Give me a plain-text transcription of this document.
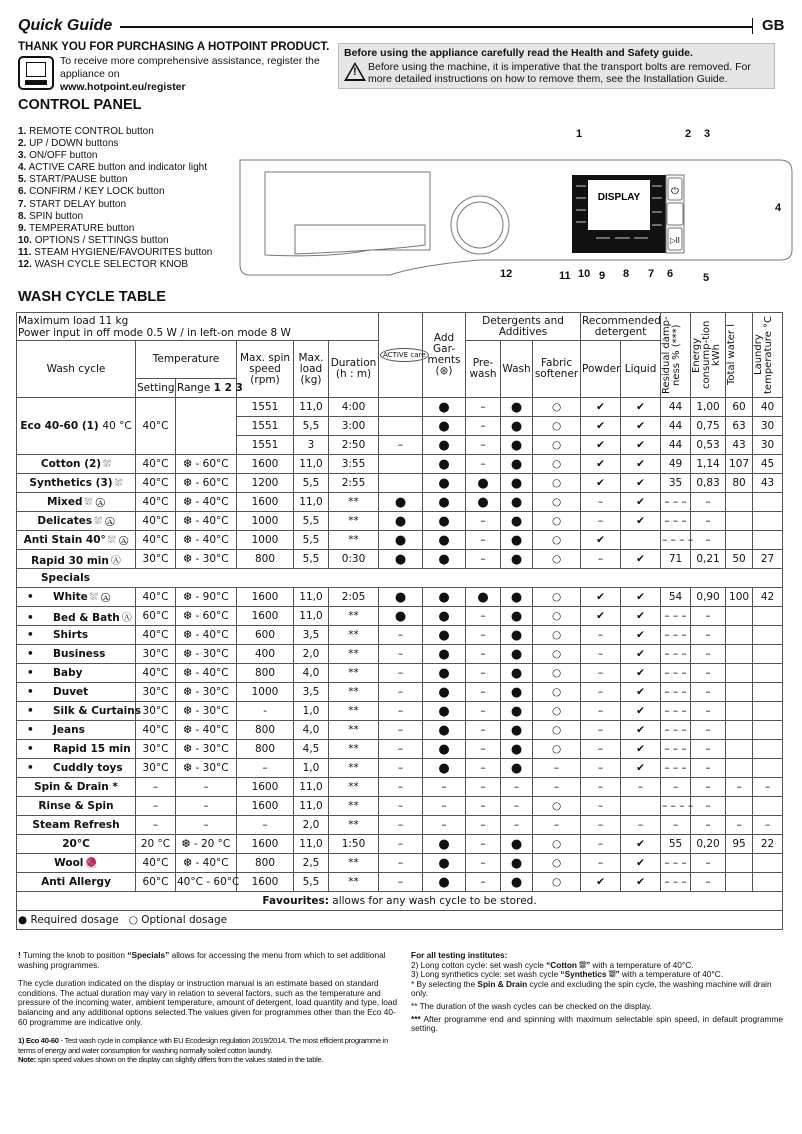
Quick Guide	GB
THANK YOU FOR PURCHASING A HOTPOINT PRODUCT.
To receive more comprehensive assistance, register the appliance on
www.hotpoint.eu/register
Before using the appliance carefully read the Health and Safety guide.
!	Before using the machine, it is imperative that the transport bolts are removed. For more detailed instructions on how to remove them, see the Installation Guide.
CONTROL PANEL
1. REMOTE CONTROL button
2. UP / DOWN buttons
3. ON/OFF button
4. ACTIVE CARE button and indicator light
5. START/PAUSE button
6. CONFIRM / KEY LOCK button
7. START DELAY button
8. SPIN button
9. TEMPERATURE button
10. OPTIONS / SETTINGS button
11. STEAM HYGIENE/FAVOURITES button
12. WASH CYCLE SELECTOR KNOB
DISPLAY
⏻
▷II
1	2 3
4
5
6
7
8
9
10
11
12
WASH CYCLE TABLE
Maximum load 11 kg
Power input in off mode 0.5 W / in left-on mode 8 W						ACTIVE care	Add Gar-ments
(⊛)	Detergents and Additives			Recommended detergent		Residual damp-ness % (***)	Energy consump-tion kWh	Total water l	Laundry temperature °C

Wash cycle	Temperature		Max. spin speed (rpm)	Max. load (kg)	Duration (h : m)			Pre-wash	Wash	Fabric softener	Powder	Liquid				
	Setting	Range 1 2 3														
Eco 40-60 (1) 40 °C	40°C		1551	11,0	4:00		●	–	●	○	✔	✔	44	1,00	60	40
			1551	5,5	3:00		●	–	●	○	✔	✔	44	0,75	63	30
			1551	3	2:50	–	●	–	●	○	✔	✔	44	0,53	43	30
Cotton (2) ⛆	40°C	❆ - 60°C	1600	11,0	3:55		●	–	●	○	✔	✔	49	1,14	107	45
Synthetics (3) ⛆	40°C	❆ - 60°C	1200	5,5	2:55		●	●	●	○	✔	✔	35	0,83	80	43
Mixed ⛆ Ⓐ	40°C	❆ - 40°C	1600	11,0	**	●	●	●	●	○	–	✔	– – –	–		
Delicates ⛆ Ⓐ	40°C	❆ - 40°C	1000	5,5	**	●	●	–	●	○	–	✔	– – –	–		
Anti Stain 40° ⛆ Ⓐ	40°C	❆ - 40°C	1000	5,5	**	●	●	–	●	○	✔		– – – –	–		
Rapid 30 min Ⓐ	30°C	❆ - 30°C	800	5,5	0:30	●	●	–	●	○	–	✔	71	0,21	50	27
Specials																
• White ⛆ Ⓐ	40°C	❆ - 90°C	1600	11,0	2:05	●	●	●	●	○	✔	✔	54	0,90	100	42
• Bed & Bath Ⓐ	60°C	❆ - 60°C	1600	11,0	**	●	●	–	●	○	✔	✔	– – –	–		
• Shirts	40°C	❆ - 40°C	600	3,5	**	–	●	–	●	○	–	✔	– – –	–		
• Business	30°C	❆ - 30°C	400	2,0	**	–	●	–	●	○	–	✔	– – –	–		
• Baby	40°C	❆ - 40°C	800	4,0	**	–	●	–	●	○	–	✔	– – –	–		
• Duvet	30°C	❆ - 30°C	1000	3,5	**	–	●	–	●	○	–	✔	– – –	–		
• Silk & Curtains	30°C	❆ - 30°C	-	1,0	**	–	●	–	●	○	–	✔	– – –	–		
• Jeans	40°C	❆ - 40°C	800	4,0	**	–	●	–	●	○	–	✔	– – –	–		
• Rapid 15 min	30°C	❆ - 30°C	800	4,5	**	–	●	–	●	○	–	✔	– – –	–		
• Cuddly toys	30°C	❆ - 30°C	–	1,0	**	–	●	–	●	–	–	✔	– – –	–		
Spin & Drain *	–	–	1600	11,0	**	–	–	–	–	–	–	–	–	–	–	–
Rinse & Spin	–	–	1600	11,0	**	–	–	–	–	○	–		– – – –	–		
Steam Refresh	–	–	–	2,0	**	–	–	–	–	–	–	–	–	–	–	–
20°C	20 °C	❆ - 20 °C	1600	11,0	1:50	–	●	–	●	○	–	✔	55	0,20	95	22
Wool 🧶	40°C	❆ - 40°C	800	2,5	**	–	●	–	●	○	–	✔	– – –	–		
Anti Allergy	60°C	40°C - 60°C	1600	5,5	**	–	●	–	●	○	✔	✔	– – –	–		
Favourites: allows for any wash cycle to be stored.																
● Required dosage ○ Optional dosage																

! Turning the knob to position “Specials” allows for accessing the menu from which to set additional washing programmes.

The cycle duration indicated on the display or instruction manual is an estimate based on standard conditions. The actual duration may vary in relation to several factors, such as the temperature and pressure of the incoming water, ambient temperature, amount of detergent, load quantity and type, load balancing and any additional options selected.The values given for programmes other than the Eco 40-60 programme are indicative only.

1) Eco 40-60 - Test wash cycle in compliance with EU Ecodesign regulation 2019/2014. The most efficient programme in terms of energy and water consumption for washing normally soiled cotton laundry.
Note: spin speed values shown on the display can slightly differs from the values stated in the table.

For all testing institutes:
2) Long cotton cycle: set wash cycle “Cotton ⛆” with a temperature of 40°C.
3) Long synthetics cycle: set wash cycle “Synthetics ⛆” with a temperature of 40°C.

* By selecting the Spin & Drain cycle and excluding the spin cycle, the washing machine will drain only.

** The duration of the wash cycles can be checked on the display.

*** After programme end and spinning with maximum selectable spin speed, in default programme setting.
